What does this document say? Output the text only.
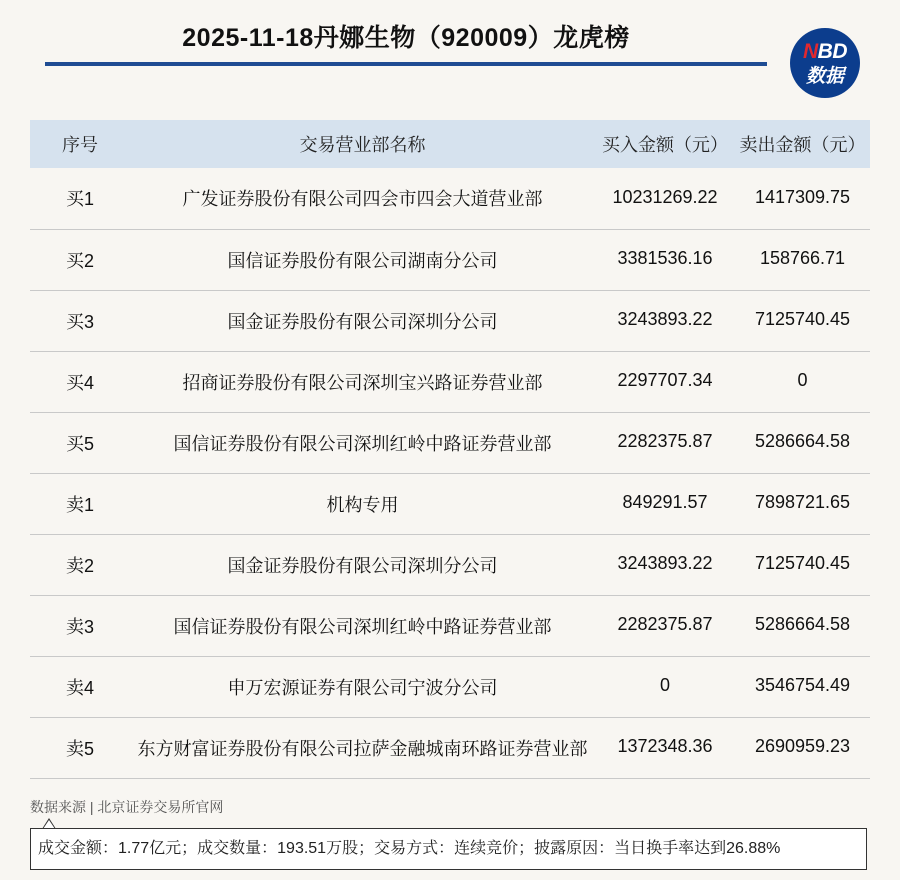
2025-11-18丹娜生物（920009）龙虎榜	NBD
数据
序号	交易营业部名称	买入金额（元）	卖出金额（元）
买1	广发证券股份有限公司四会市四会大道营业部	10231269.22	1417309.75
买2	国信证券股份有限公司湖南分公司	3381536.16	158766.71
买3	国金证券股份有限公司深圳分公司	3243893.22	7125740.45
买4	招商证券股份有限公司深圳宝兴路证券营业部	2297707.34	0
买5	国信证券股份有限公司深圳红岭中路证券营业部	2282375.87	5286664.58
卖1	机构专用	849291.57	7898721.65
卖2	国金证券股份有限公司深圳分公司	3243893.22	7125740.45
卖3	国信证券股份有限公司深圳红岭中路证券营业部	2282375.87	5286664.58
卖4	申万宏源证券有限公司宁波分公司	0	3546754.49
卖5	东方财富证券股份有限公司拉萨金融城南环路证券营业部	1372348.36	2690959.23
数据来源 | 北京证券交易所官网
成交金额：1.77亿元；成交数量：193.51万股；交易方式：连续竞价；披露原因：当日换手率达到26.88%
